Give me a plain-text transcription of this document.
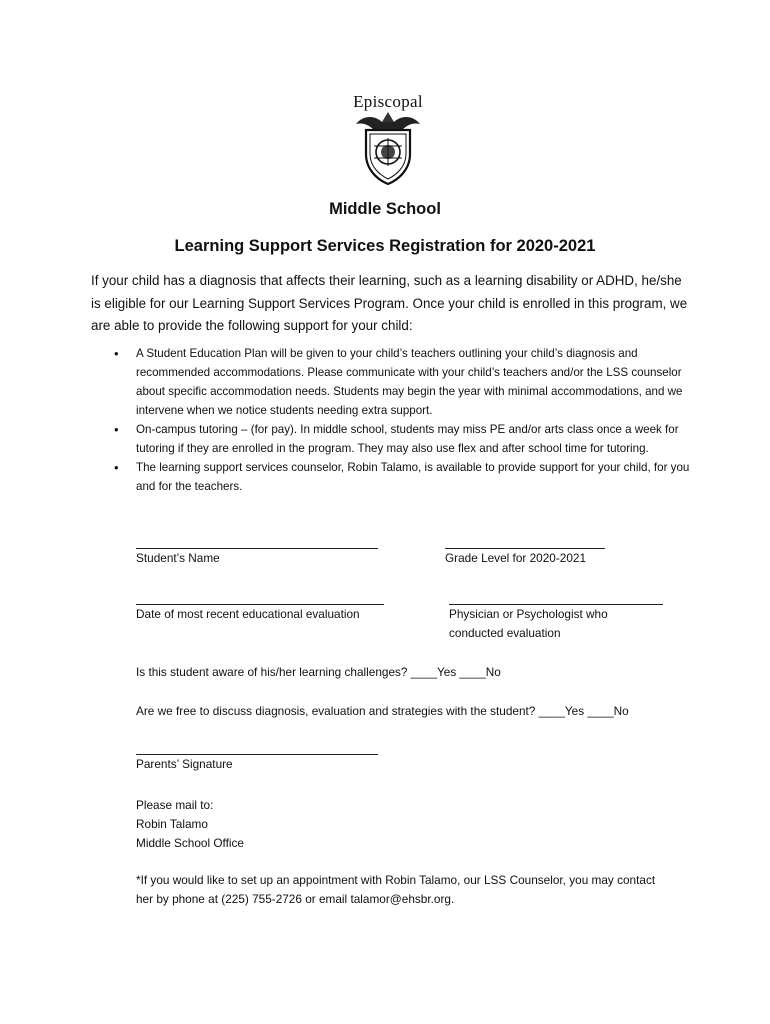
Episcopal
Middle School
Learning Support Services Registration for 2020-2021
If your child has a diagnosis that affects their learning, such as a learning disability or ADHD, he/she is eligible for our Learning Support Services Program. Once your child is enrolled in this program, we are able to provide the following support for your child:
• A Student Education Plan will be given to your child’s teachers outlining your child’s diagnosis and recommended accommodations. Please communicate with your child’s teachers and/or the LSS counselor about specific accommodation needs. Students may begin the year with minimal accommodations, and we intervene when we notice students needing extra support.
• On-campus tutoring – (for pay). In middle school, students may miss PE and/or arts class once a week for tutoring if they are enrolled in the program. They may also use flex and after school time for tutoring.
• The learning support services counselor, Robin Talamo, is available to provide support for your child, for you and for the teachers.
Student’s Name	Grade Level for 2020-2021
Date of most recent educational evaluation	Physician or Psychologist who conducted evaluation
Is this student aware of his/her learning challenges? ____Yes ____No
Are we free to discuss diagnosis, evaluation and strategies with the student? ____Yes ____No
Parents’ Signature
Please mail to:
Robin Talamo
Middle School Office
*If you would like to set up an appointment with Robin Talamo, our LSS Counselor, you may contact her by phone at (225) 755-2726 or email talamor@ehsbr.org.
